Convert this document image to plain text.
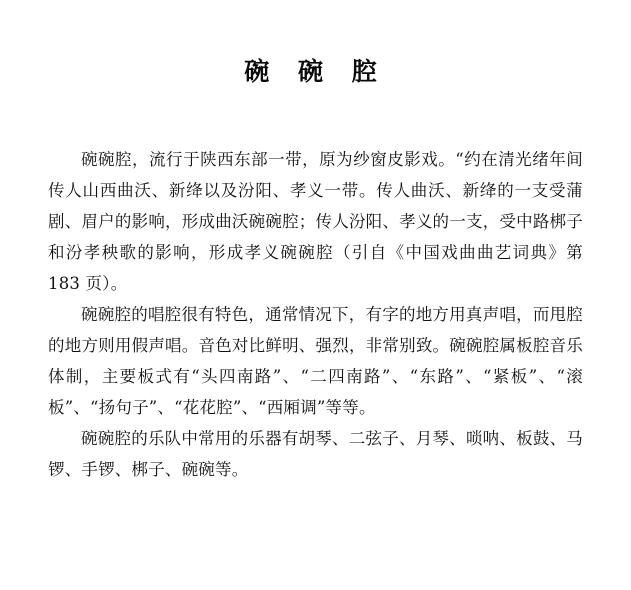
碗 碗 腔

碗碗腔，流行于陕西东部一带，原为纱窗皮影戏。“约在清光绪年间传人山西曲沃、新绛以及汾阳、孝义一带。传人曲沃、新绛的一支受蒲剧、眉户的影响，形成曲沃碗碗腔；传人汾阳、孝义的一支，受中路梆子和汾孝秧歌的影响，形成孝义碗碗腔（引自《中国戏曲曲艺词典》第 183 页）。

碗碗腔的唱腔很有特色，通常情况下，有字的地方用真声唱，而甩腔的地方则用假声唱。音色对比鲜明、强烈，非常别致。碗碗腔属板腔音乐体制，主要板式有“头四南路”、“二四南路”、“东路”、“紧板”、“滚板”、“扬句子”、“花花腔”、“西厢调”等等。

碗碗腔的乐队中常用的乐器有胡琴、二弦子、月琴、唢呐、板鼓、马锣、手锣、梆子、碗碗等。
